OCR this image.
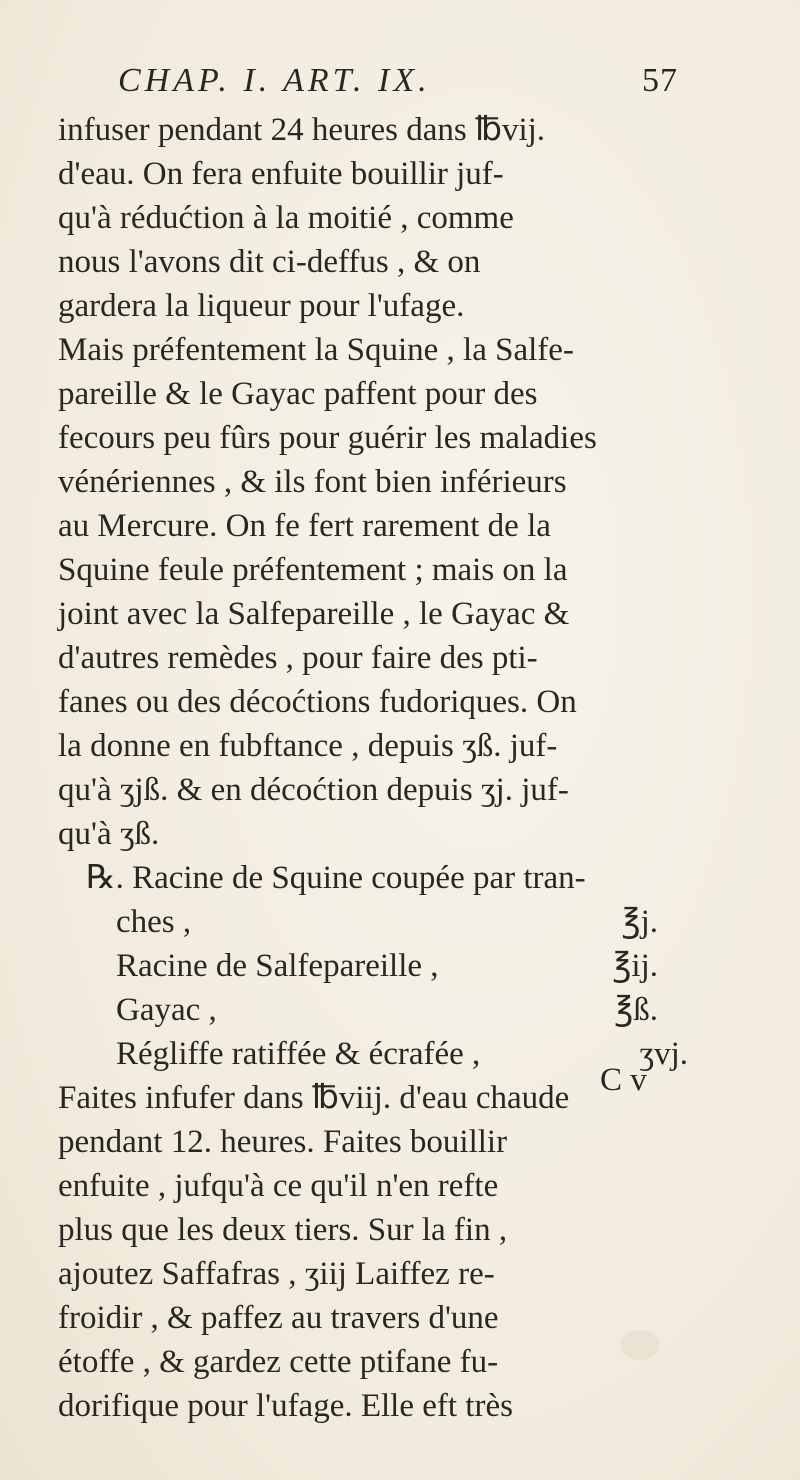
CHAP. I. ART. IX.	57
infuser pendant 24 heures dans ℔vij.
d'eau. On fera enfuite bouillir juf-
qu'à rédućtion à la moitié , comme
nous l'avons dit ci-deffus , & on
gardera la liqueur pour l'ufage.
Mais préfentement la Squine , la Salfe-
pareille & le Gayac paffent pour des
fecours peu fûrs pour guérir les maladies
vénériennes , & ils font bien inférieurs
au Mercure. On fe fert rarement de la
Squine feule préfentement ; mais on la
joint avec la Salfepareille , le Gayac &
d'autres remèdes , pour faire des pti-
fanes ou des décoćtions fudoriques. On
la donne en fubftance , depuis ʒß. juf-
qu'à ʒjß. & en décoćtion depuis ʒj. juf-
qu'à ʒß.
℞. Racine de Squine coupée par tran-
ches ,	℥j.
Racine de Salfepareille ,	℥ij.
Gayac ,	℥ß.
Régliffe ratiffée & écrafée ,	ʒvj.
Faites infufer dans ℔viij. d'eau chaude
pendant 12. heures. Faites bouillir
enfuite , jufqu'à ce qu'il n'en refte
plus que les deux tiers. Sur la fin ,
ajoutez Saffafras , ʒiij Laiffez re-
froidir , & paffez au travers d'une
étoffe , & gardez cette ptifane fu-
dorifique pour l'ufage. Elle eft très
C v
